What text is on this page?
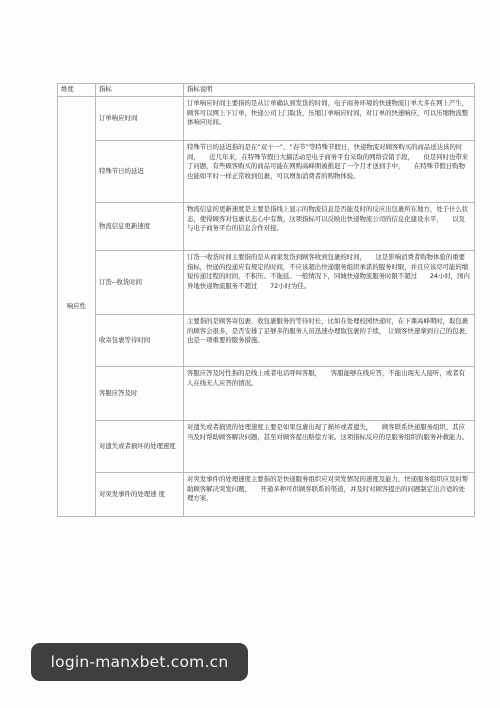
维度	指标	指标说明
响应性	订单响应时间	订单响应时间主要指的是从订单确认到发货的时间，电子商务环境的快速物流订单大多在网上产生，顾客可以网上下订单，快递公司上门取货，压缩订单响应时间，对订单的快速响应，可以压缩物流整体响应时间。
	特殊节日的延迟	特殊节日的延迟指的是在“双十一”、“春节”等特殊节假日，快递物流对顾客购买的商品送达该的时间，　　近几年来，在特殊节假日大搞活动是电子商务平台采取的网络营销手段，　　但是同时也带来了问题，有些顾客购买的商品可能在网购高峰期被推迟了一个月才送到手中，　　在特殊节假日购物也能如平时一样正常收到包裹，可以增加消费者的购物体验。
	物流信息更新速度	物流信息的更新速度是主要是指线上显示的物流信息是否能及时的反应出包裹所在地方，处于什么状态，使得顾客对包裹状态心中有数，这项指标可以反映出快递物流公司的信息化建设水平，　　以及与电子商务平台的信息合作对接。
	订货--收货时间	订货一收货时间主要指的是从商家发货到顾客收到包裹的时间，　　这是影响消费者购物体验的重要指标，快递的投递应有规定的时间，不应该超出快递服务组织承诺的服务时限，并且应该尽可能的缩短传递过程的时间，不积压、不拖延。一般情况下，同城快递物流服务时限不超过　　24小时，国内异地快递物流服务不超过　　72小时为佳。
	收寄包裹等待时间	主要指的是顾客寄包裹、收包裹服务的等待时长，比如在处理校园快递时，在下课高峰期时，取包裹的顾客会很多，是否安排了足够多的服务人员迅速办理取包裹的手续，　让顾客快速拿到自己的包裹，　　也是一项重要的服务措施。
	客服应答及时	客服应答及时性指的是线上或者电话呼叫客服，　　客服能够在线应答，不能出现无人接听，或者有人在线无人应答的情况。
	对遗失或者损坏的处理速度	对遗失或者损毁的处理速度主要是如果包裹出现了损坏或者遗失，　　顾客联系快递服务组织，其应当及时帮助顾客解决问题，甚至对顾客提出赔偿方案。这项指标反应的是服务组织的服务补救能力。
	对突发事件的处理速 度	对突发事件的处理速度主要指的是快递服务组织应对突发情况的速度及能力，快递服务组织应及时帮助顾客解决突发问题，　　开通多种可供顾客联系的渠道，并及时对顾客提出的问题制定出合适的处理方案。
login-manxbet.com.cn
